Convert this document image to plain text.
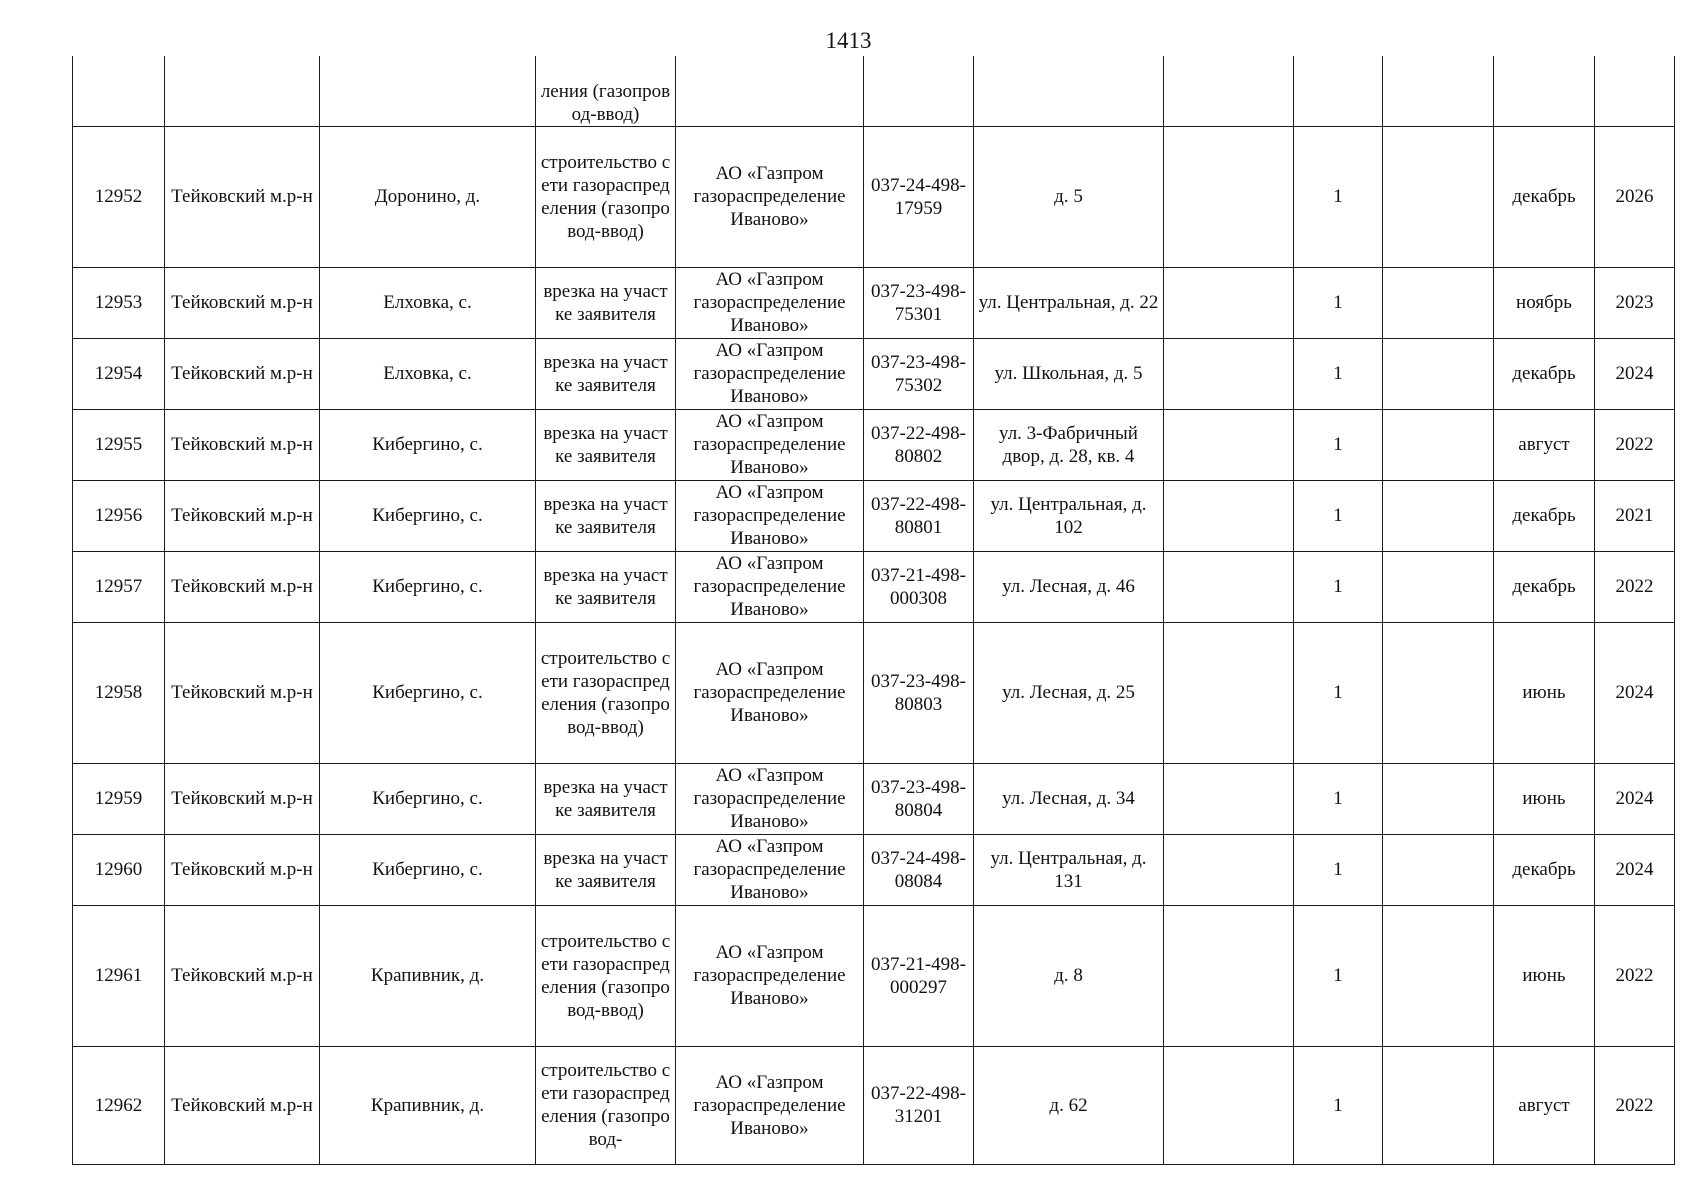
1413
			ления (газопровод-ввод)								
12952	Тейковский м.р-н	Доронино, д.	строительство сети газораспределения (газопровод-ввод)	АО «Газпром газораспределение Иваново»	037-24-498-17959	д. 5		1		декабрь	2026
12953	Тейковский м.р-н	Елховка, с.	врезка на участке заявителя	АО «Газпром газораспределение Иваново»	037-23-498-75301	ул. Центральная, д. 22		1		ноябрь	2023
12954	Тейковский м.р-н	Елховка, с.	врезка на участке заявителя	АО «Газпром газораспределение Иваново»	037-23-498-75302	ул. Школьная, д. 5		1		декабрь	2024
12955	Тейковский м.р-н	Кибергино, с.	врезка на участке заявителя	АО «Газпром газораспределение Иваново»	037-22-498-80802	ул. 3-Фабричный двор, д. 28, кв. 4		1		август	2022
12956	Тейковский м.р-н	Кибергино, с.	врезка на участке заявителя	АО «Газпром газораспределение Иваново»	037-22-498-80801	ул. Центральная, д. 102		1		декабрь	2021
12957	Тейковский м.р-н	Кибергино, с.	врезка на участке заявителя	АО «Газпром газораспределение Иваново»	037-21-498-000308	ул. Лесная, д. 46		1		декабрь	2022
12958	Тейковский м.р-н	Кибергино, с.	строительство сети газораспределения (газопровод-ввод)	АО «Газпром газораспределение Иваново»	037-23-498-80803	ул. Лесная, д. 25		1		июнь	2024
12959	Тейковский м.р-н	Кибергино, с.	врезка на участке заявителя	АО «Газпром газораспределение Иваново»	037-23-498-80804	ул. Лесная, д. 34		1		июнь	2024
12960	Тейковский м.р-н	Кибергино, с.	врезка на участке заявителя	АО «Газпром газораспределение Иваново»	037-24-498-08084	ул. Центральная, д. 131		1		декабрь	2024
12961	Тейковский м.р-н	Крапивник, д.	строительство сети газораспределения (газопровод-ввод)	АО «Газпром газораспределение Иваново»	037-21-498-000297	д. 8		1		июнь	2022
12962	Тейковский м.р-н	Крапивник, д.	строительство сети газораспределения (газопровод-	АО «Газпром газораспределение Иваново»	037-22-498-31201	д. 62		1		август	2022
